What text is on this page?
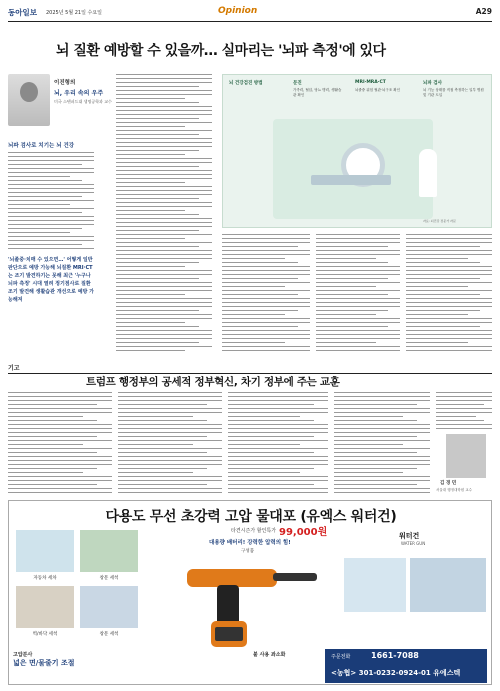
동아일보 2025년 5월 21일 수요일	Opinion	A29
뇌 질환 예방할 수 있을까… 실마리는 '뇌파 측정'에 있다
이진형의
뇌, 우리 속의 우주
미국 스탠퍼드대 생명공학과 교수
뇌파 검사로 치기는 뇌 건강
'뇌졸중·치매 수 있으면…' 어떻게 일반판단으로 예방 가능해 뇌질환 MRI·CT는 조기 발견하기는 못해 최근 '누구나 뇌파 측정' 시대 열려 정기점사로 질환 조기 발견해 생활습관 개선으로 예방 가능해져
뇌 건강검진 방법	문진
가족력, 혈압, 당뇨 병력, 생활습관 확인
MRI·MRA·CT
뇌졸중 위험 혈관·뇌구조 확인
뇌파 검사
뇌 기능 상태를 직접 측정하는 일부 병원 및 기관 도입
자료: 뇌건강 전문가 자문
기고
트럼프 행정부의 공세적 정부혁신, 차기 정부에 주는 교훈
김 경 민
서울대 행정대학원 교수
다용도 무선 초강력 고압 물대포 (유엑스 워터건)
타견시즌가 할인특가 99,000원
대용량 배터리! 강력한 압력의 힘!
구성품
자동차 세차	창문 세척
벽/바닥 세척	창문 세척
워터건
WATER GUN
고압분사
넓은 면/물줄기 조절
불 사용 좌소화	주문전화	1661-7088
<농협> 301-0232-0924-01 유에스텍
